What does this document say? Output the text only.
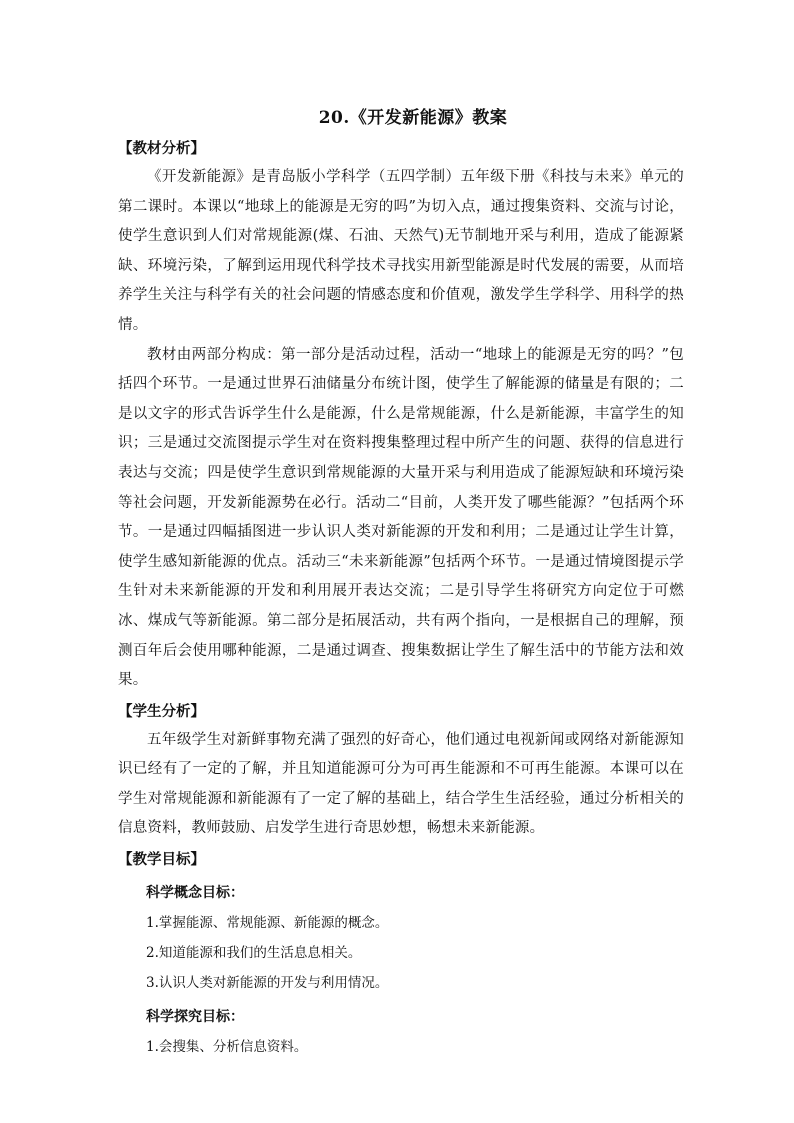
20.《开发新能源》教案
【教材分析】

《开发新能源》是青岛版小学科学（五四学制）五年级下册《科技与未来》单元的第二课时。本课以“地球上的能源是无穷的吗”为切入点，通过搜集资料、交流与讨论，使学生意识到人们对常规能源(煤、石油、天然气)无节制地开采与利用，造成了能源紧缺、环境污染，了解到运用现代科学技术寻找实用新型能源是时代发展的需要，从而培养学生关注与科学有关的社会问题的情感态度和价值观，激发学生学科学、用科学的热情。

教材由两部分构成：第一部分是活动过程，活动一“地球上的能源是无穷的吗？”包括四个环节。一是通过世界石油储量分布统计图，使学生了解能源的储量是有限的；二是以文字的形式告诉学生什么是能源，什么是常规能源，什么是新能源，丰富学生的知识；三是通过交流图提示学生对在资料搜集整理过程中所产生的问题、获得的信息进行表达与交流；四是使学生意识到常规能源的大量开采与利用造成了能源短缺和环境污染等社会问题，开发新能源势在必行。活动二“目前，人类开发了哪些能源？”包括两个环节。一是通过四幅插图进一步认识人类对新能源的开发和利用；二是通过让学生计算，使学生感知新能源的优点。活动三“未来新能源”包括两个环节。一是通过情境图提示学生针对未来新能源的开发和利用展开表达交流；二是引导学生将研究方向定位于可燃冰、煤成气等新能源。第二部分是拓展活动，共有两个指向，一是根据自己的理解，预测百年后会使用哪种能源，二是通过调查、搜集数据让学生了解生活中的节能方法和效果。

【学生分析】

五年级学生对新鲜事物充满了强烈的好奇心，他们通过电视新闻或网络对新能源知识已经有了一定的了解，并且知道能源可分为可再生能源和不可再生能源。本课可以在学生对常规能源和新能源有了一定了解的基础上，结合学生生活经验，通过分析相关的信息资料，教师鼓励、启发学生进行奇思妙想，畅想未来新能源。

【教学目标】
科学概念目标：
1.掌握能源、常规能源、新能源的概念。
2.知道能源和我们的生活息息相关。
3.认识人类对新能源的开发与利用情况。
科学探究目标：
1.会搜集、分析信息资料。
